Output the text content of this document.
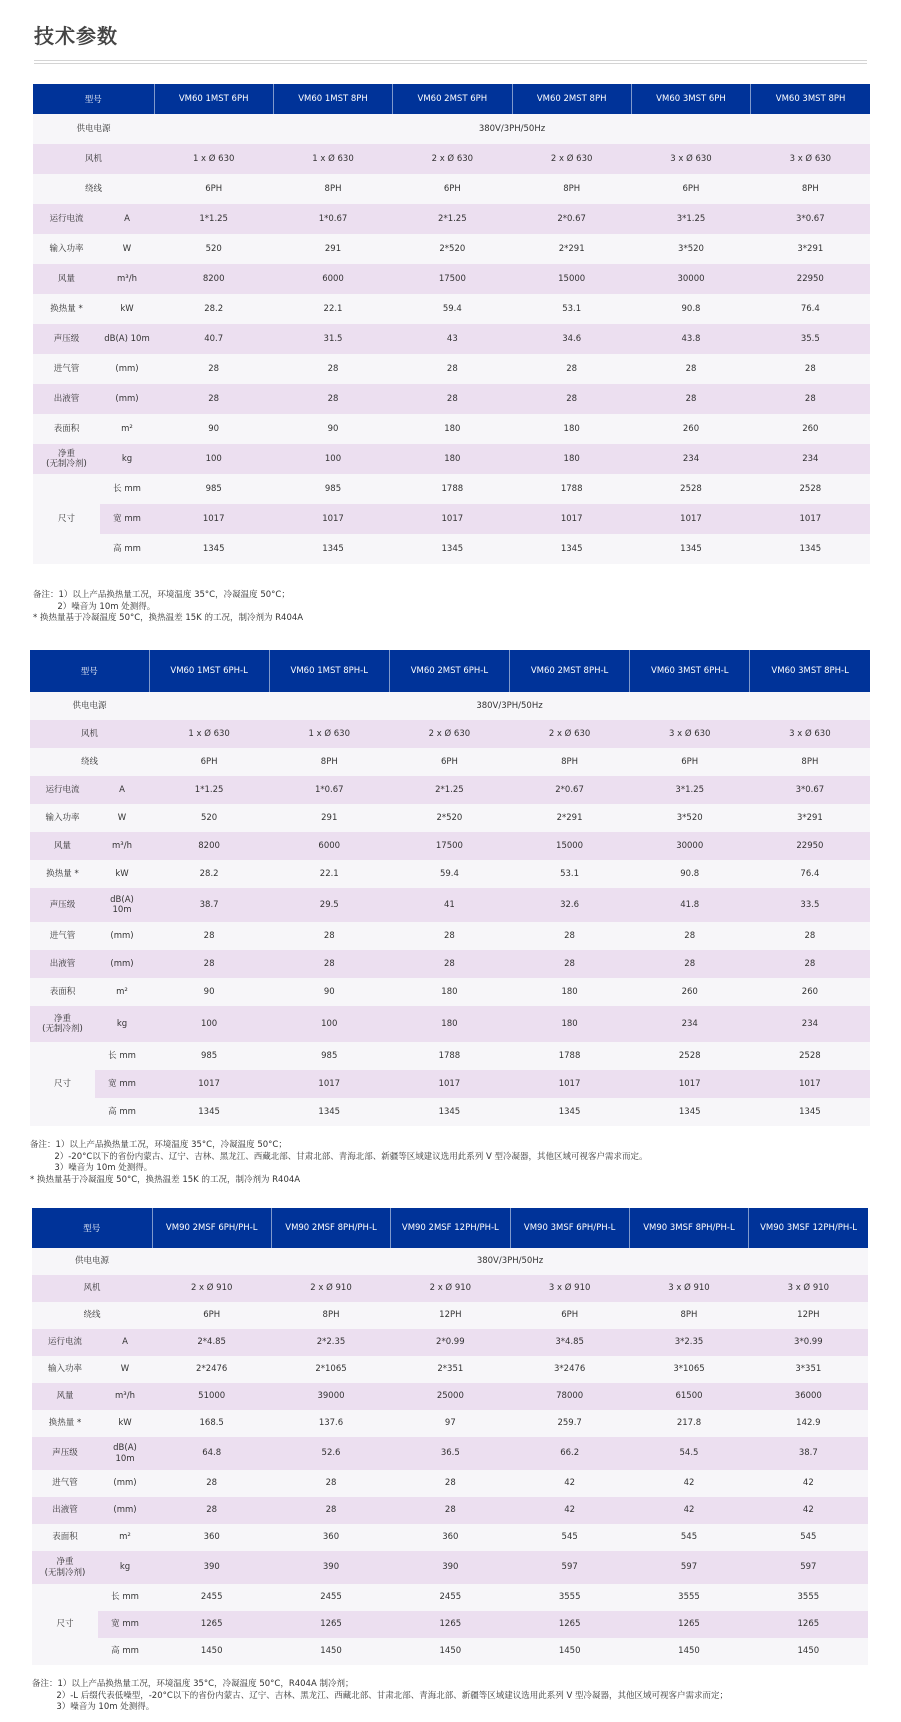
技术参数
型号		VM60 1MST 6PH	VM60 1MST 8PH	VM60 2MST 6PH	VM60 2MST 8PH	VM60 3MST 6PH	VM60 3MST 8PH
供电电源		380V/3PH/50Hz					
风机		1 x Ø 630	1 x Ø 630	2 x Ø 630	2 x Ø 630	3 x Ø 630	3 x Ø 630
绕线		6PH	8PH	6PH	8PH	6PH	8PH
运行电流	A	1*1.25	1*0.67	2*1.25	2*0.67	3*1.25	3*0.67
输入功率	W	520	291	2*520	2*291	3*520	3*291
风量	m³/h	8200	6000	17500	15000	30000	22950
换热量 *	kW	28.2	22.1	59.4	53.1	90.8	76.4
声压级	dB(A) 10m	40.7	31.5	43	34.6	43.8	35.5
进气管	(mm)	28	28	28	28	28	28
出液管	(mm)	28	28	28	28	28	28
表面积	m²	90	90	180	180	260	260
净重
(无制冷剂)	kg	100	100	180	180	234	234
尺寸	长 mm	985	985	1788	1788	2528	2528
	宽 mm	1017	1017	1017	1017	1017	1017
	高 mm	1345	1345	1345	1345	1345	1345
备注：1）以上产品换热量工况，环境温度 35°C，冷凝温度 50°C；
2）噪音为 10m 处测得。
* 换热量基于冷凝温度 50°C，换热温差 15K 的工况，制冷剂为 R404A
型号		VM60 1MST 6PH-L	VM60 1MST 8PH-L	VM60 2MST 6PH-L	VM60 2MST 8PH-L	VM60 3MST 6PH-L	VM60 3MST 8PH-L
供电电源		380V/3PH/50Hz					
风机		1 x Ø 630	1 x Ø 630	2 x Ø 630	2 x Ø 630	3 x Ø 630	3 x Ø 630
绕线		6PH	8PH	6PH	8PH	6PH	8PH
运行电流	A	1*1.25	1*0.67	2*1.25	2*0.67	3*1.25	3*0.67
输入功率	W	520	291	2*520	2*291	3*520	3*291
风量	m³/h	8200	6000	17500	15000	30000	22950
换热量 *	kW	28.2	22.1	59.4	53.1	90.8	76.4
声压级	dB(A)
10m	38.7	29.5	41	32.6	41.8	33.5
进气管	(mm)	28	28	28	28	28	28
出液管	(mm)	28	28	28	28	28	28
表面积	m²	90	90	180	180	260	260
净重
(无制冷剂)	kg	100	100	180	180	234	234
尺寸	长 mm	985	985	1788	1788	2528	2528
	宽 mm	1017	1017	1017	1017	1017	1017
	高 mm	1345	1345	1345	1345	1345	1345
备注：1）以上产品换热量工况，环境温度 35°C，冷凝温度 50°C；
2）-20°C以下的省份内蒙古、辽宁、吉林、黑龙江、西藏北部、甘肃北部、青海北部、新疆等区域建议选用此系列 V 型冷凝器，其他区域可视客户需求而定。
3）噪音为 10m 处测得。
* 换热量基于冷凝温度 50°C，换热温差 15K 的工况，制冷剂为 R404A
型号		VM90 2MSF 6PH/PH-L	VM90 2MSF 8PH/PH-L	VM90 2MSF 12PH/PH-L	VM90 3MSF 6PH/PH-L	VM90 3MSF 8PH/PH-L	VM90 3MSF 12PH/PH-L
供电电源		380V/3PH/50Hz					
风机		2 x Ø 910	2 x Ø 910	2 x Ø 910	3 x Ø 910	3 x Ø 910	3 x Ø 910
绕线		6PH	8PH	12PH	6PH	8PH	12PH
运行电流	A	2*4.85	2*2.35	2*0.99	3*4.85	3*2.35	3*0.99
输入功率	W	2*2476	2*1065	2*351	3*2476	3*1065	3*351
风量	m³/h	51000	39000	25000	78000	61500	36000
换热量 *	kW	168.5	137.6	97	259.7	217.8	142.9
声压级	dB(A)
10m	64.8	52.6	36.5	66.2	54.5	38.7
进气管	(mm)	28	28	28	42	42	42
出液管	(mm)	28	28	28	42	42	42
表面积	m²	360	360	360	545	545	545
净重
(无制冷剂)	kg	390	390	390	597	597	597
尺寸	长 mm	2455	2455	2455	3555	3555	3555
	宽 mm	1265	1265	1265	1265	1265	1265
	高 mm	1450	1450	1450	1450	1450	1450
备注：1）以上产品换热量工况，环境温度 35°C，冷凝温度 50°C，R404A 制冷剂；
2）-L 后缀代表低噪型，-20°C以下的省份内蒙古、辽宁、吉林、黑龙江、西藏北部、甘肃北部、青海北部、新疆等区域建议选用此系列 V 型冷凝器，其他区域可视客户需求而定；
3）噪音为 10m 处测得。
